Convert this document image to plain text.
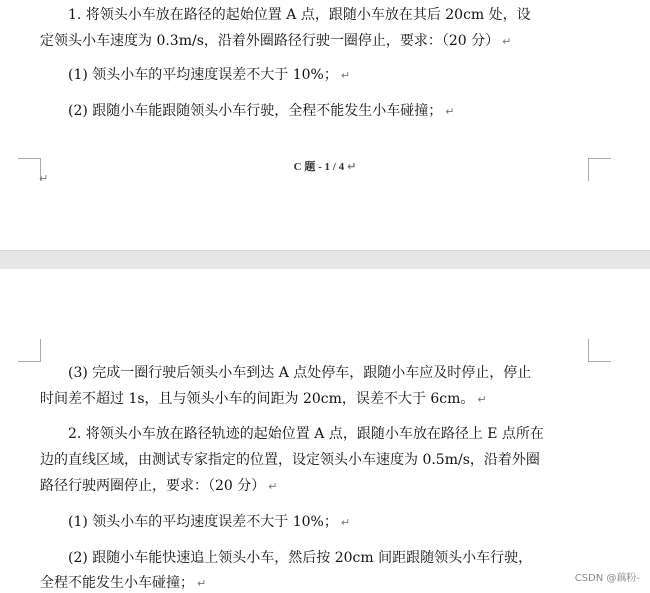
1. 将领头小车放在路径的起始位置 A 点，跟随小车放在其后 20cm 处，设
定领头小车速度为 0.3m/s，沿着外圈路径行驶一圈停止，要求：（20 分） ↵
(1) 领头小车的平均速度误差不大于 10%； ↵
(2) 跟随小车能跟随领头小车行驶，全程不能发生小车碰撞； ↵
↵
C 题 - 1 / 4 ↵
(3) 完成一圈行驶后领头小车到达 A 点处停车，跟随小车应及时停止，停止
时间差不超过 1s，且与领头小车的间距为 20cm，误差不大于 6cm。 ↵
2. 将领头小车放在路径轨迹的起始位置 A 点，跟随小车放在路径上 E 点所在
边的直线区域，由测试专家指定的位置，设定领头小车速度为 0.5m/s，沿着外圈
路径行驶两圈停止，要求：（20 分） ↵
(1) 领头小车的平均速度误差不大于 10%； ↵
(2) 跟随小车能快速追上领头小车，然后按 20cm 间距跟随领头小车行驶，
全程不能发生小车碰撞； ↵	CSDN @藕粉-
